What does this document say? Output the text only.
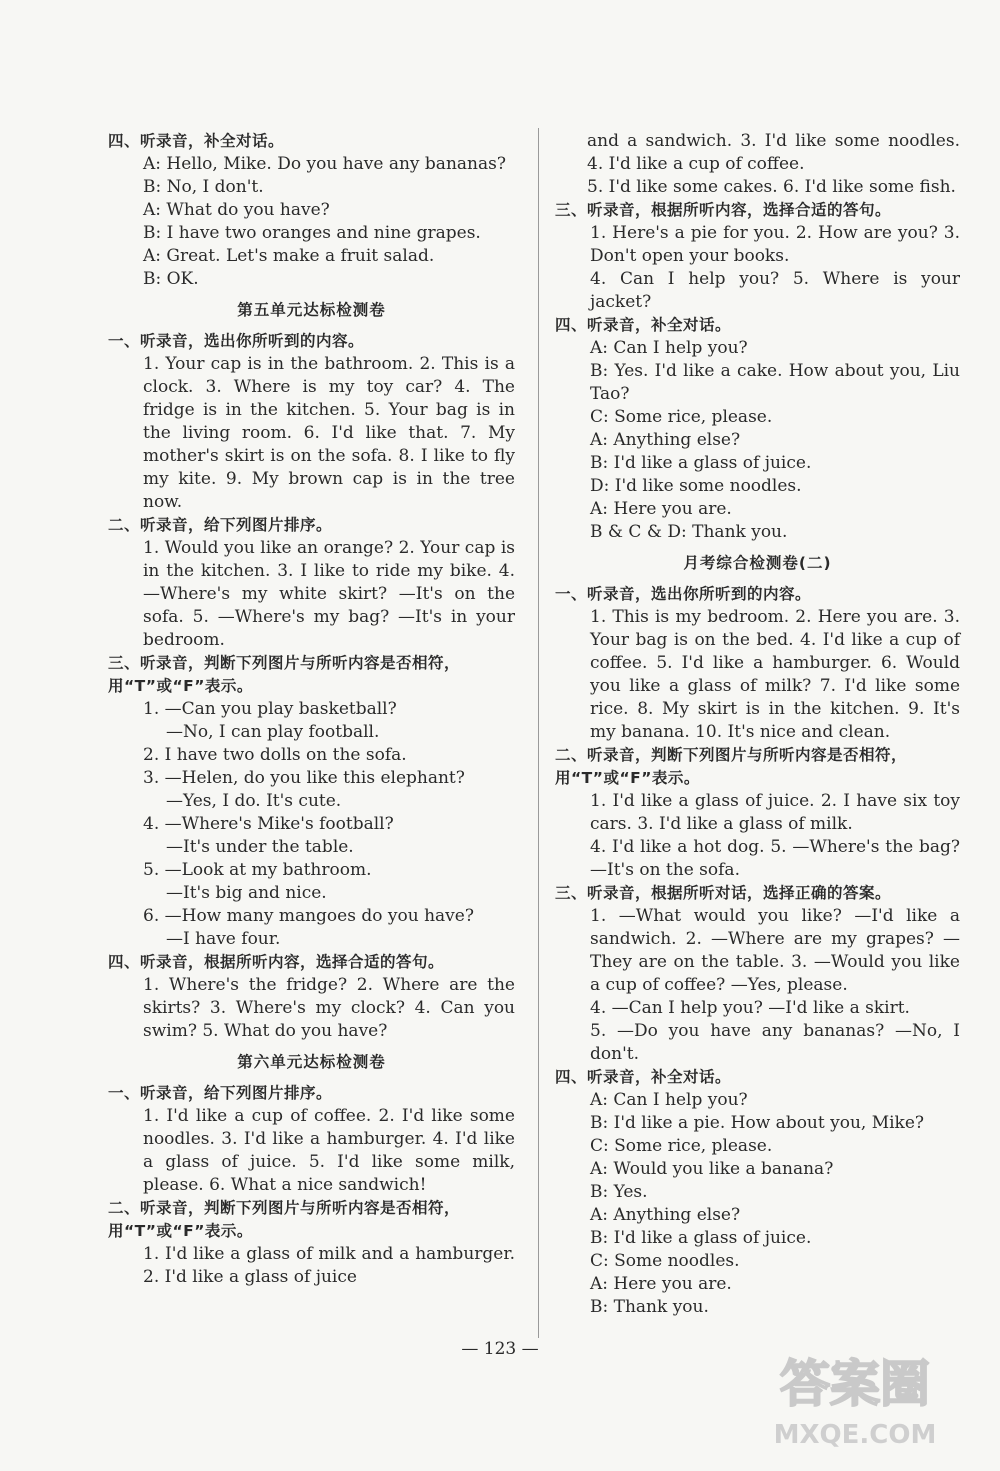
四、听录音，补全对话。
A: Hello, Mike. Do you have any bananas?
B: No, I don't.
A: What do you have?
B: I have two oranges and nine grapes.
A: Great. Let's make a fruit salad.
B: OK.
第五单元达标检测卷
一、听录音，选出你所听到的内容。
1. Your cap is in the bathroom. 2. This is a clock. 3. Where is my toy car? 4. The fridge is in the kitchen. 5. Your bag is in the living room. 6. I'd like that. 7. My mother's skirt is on the sofa. 8. I like to fly my kite. 9. My brown cap is in the tree now.
二、听录音，给下列图片排序。
1. Would you like an orange? 2. Your cap is in the kitchen. 3. I like to ride my bike. 4. —Where's my white skirt? —It's on the sofa. 5. —Where's my bag? —It's in your bedroom.
三、听录音，判断下列图片与所听内容是否相符，用“T”或“F”表示。
1. —Can you play basketball?
—No, I can play football.
2. I have two dolls on the sofa.
3. —Helen, do you like this elephant?
—Yes, I do. It's cute.
4. —Where's Mike's football?
—It's under the table.
5. —Look at my bathroom.
—It's big and nice.
6. —How many mangoes do you have?
—I have four.
四、听录音，根据所听内容，选择合适的答句。
1. Where's the fridge? 2. Where are the skirts? 3. Where's my clock? 4. Can you swim? 5. What do you have?
第六单元达标检测卷
一、听录音，给下列图片排序。
1. I'd like a cup of coffee. 2. I'd like some noodles. 3. I'd like a hamburger. 4. I'd like a glass of juice. 5. I'd like some milk, please. 6. What a nice sandwich!
二、听录音，判断下列图片与所听内容是否相符，用“T”或“F”表示。
1. I'd like a glass of milk and a hamburger. 2. I'd like a glass of juice
and a sandwich. 3. I'd like some noodles. 4. I'd like a cup of coffee.
5. I'd like some cakes. 6. I'd like some fish.
三、听录音，根据所听内容，选择合适的答句。
1. Here's a pie for you. 2. How are you? 3. Don't open your books.
4. Can I help you? 5. Where is your jacket?
四、听录音，补全对话。
A: Can I help you?
B: Yes. I'd like a cake. How about you, Liu Tao?
C: Some rice, please.
A: Anything else?
B: I'd like a glass of juice.
D: I'd like some noodles.
A: Here you are.
B & C & D: Thank you.
月考综合检测卷(二)
一、听录音，选出你所听到的内容。
1. This is my bedroom. 2. Here you are. 3. Your bag is on the bed. 4. I'd like a cup of coffee. 5. I'd like a hamburger. 6. Would you like a glass of milk? 7. I'd like some rice. 8. My skirt is in the kitchen. 9. It's my banana. 10. It's nice and clean.
二、听录音，判断下列图片与所听内容是否相符，用“T”或“F”表示。
1. I'd like a glass of juice. 2. I have six toy cars. 3. I'd like a glass of milk.
4. I'd like a hot dog. 5. —Where's the bag? —It's on the sofa.
三、听录音，根据所听对话，选择正确的答案。
1. —What would you like? —I'd like a sandwich. 2. —Where are my grapes? —They are on the table. 3. —Would you like a cup of coffee? —Yes, please.
4. —Can I help you? —I'd like a skirt.
5. —Do you have any bananas? —No, I don't.
四、听录音，补全对话。
A: Can I help you?
B: I'd like a pie. How about you, Mike?
C: Some rice, please.
A: Would you like a banana?
B: Yes.
A: Anything else?
B: I'd like a glass of juice.
C: Some noodles.
A: Here you are.
B: Thank you.
— 123 —
答案圈
MXQE.COM
